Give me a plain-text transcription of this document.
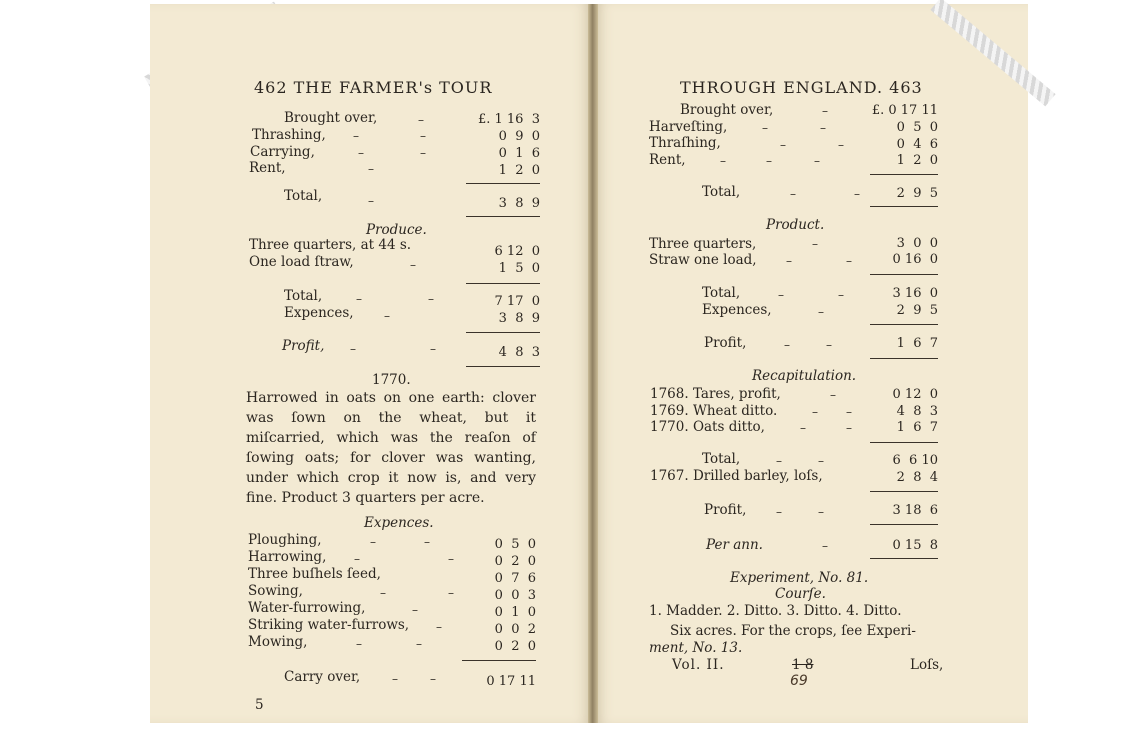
462 THE FARMER's TOUR
Brought over,	£. 1 16  3
Thrashing,	0  9  0
Carrying,	0  1  6
Rent,	1  2  0
Total,	3  8  9
Produce.
Three quarters, at 44 s.	6 12  0
One load ſtraw,	1  5  0
Total,	7 17  0
Expences,	3  8  9
Profit,	4  8  3
1770.
Harrowed in oats on one earth: clover was ſown on the wheat, but it miſcarried, which was the reaſon of ſowing oats; for clover was wanting, under which crop it now is, and very fine. Product 3 quarters per acre.
Expences.
Ploughing,	0  5  0
Harrowing,	0  2  0
Three buſhels ſeed,	0  7  6
Sowing,	0  0  3
Water-furrowing,	0  1  0
Striking water-furrows,	0  0  2
Mowing,	0  2  0
Carry over,	0 17 11
5
–
–	–
–	–
–
–
–
–	–
–
–	–
–	–
–	–
–	–
–
–
–	–
–	–
THROUGH ENGLAND. 463
Brought over,	£. 0 17 11
Harveſting,	0  5  0
Thraſhing,	0  4  6
Rent,	1  2  0
Total,	2  9  5
Product.
Three quarters,	3  0  0
Straw one load,	0 16  0
Total,	3 16  0
Expences,	2  9  5
Profit,	1  6  7
Recapitulation.
1768. Tares, profit,	0 12  0
1769. Wheat ditto.	4  8  3
1770. Oats ditto,	1  6  7
Total,	6  6 10
1767. Drilled barley, loſs,	2  8  4
Profit,	3 18  6
Per ann.	0 15  8
Experiment, No. 81.
Courſe.
1. Madder. 2. Ditto. 3. Ditto. 4. Ditto.
Six acres. For the crops, ſee Experi-
ment, No. 13.
Vol. II.	1 8
69
Loſs,
–
–	–
–	–
–	–	–
–	–
–
–	–
–	–
–
–	–
–
– –
–	–
–	–
–	–
–
